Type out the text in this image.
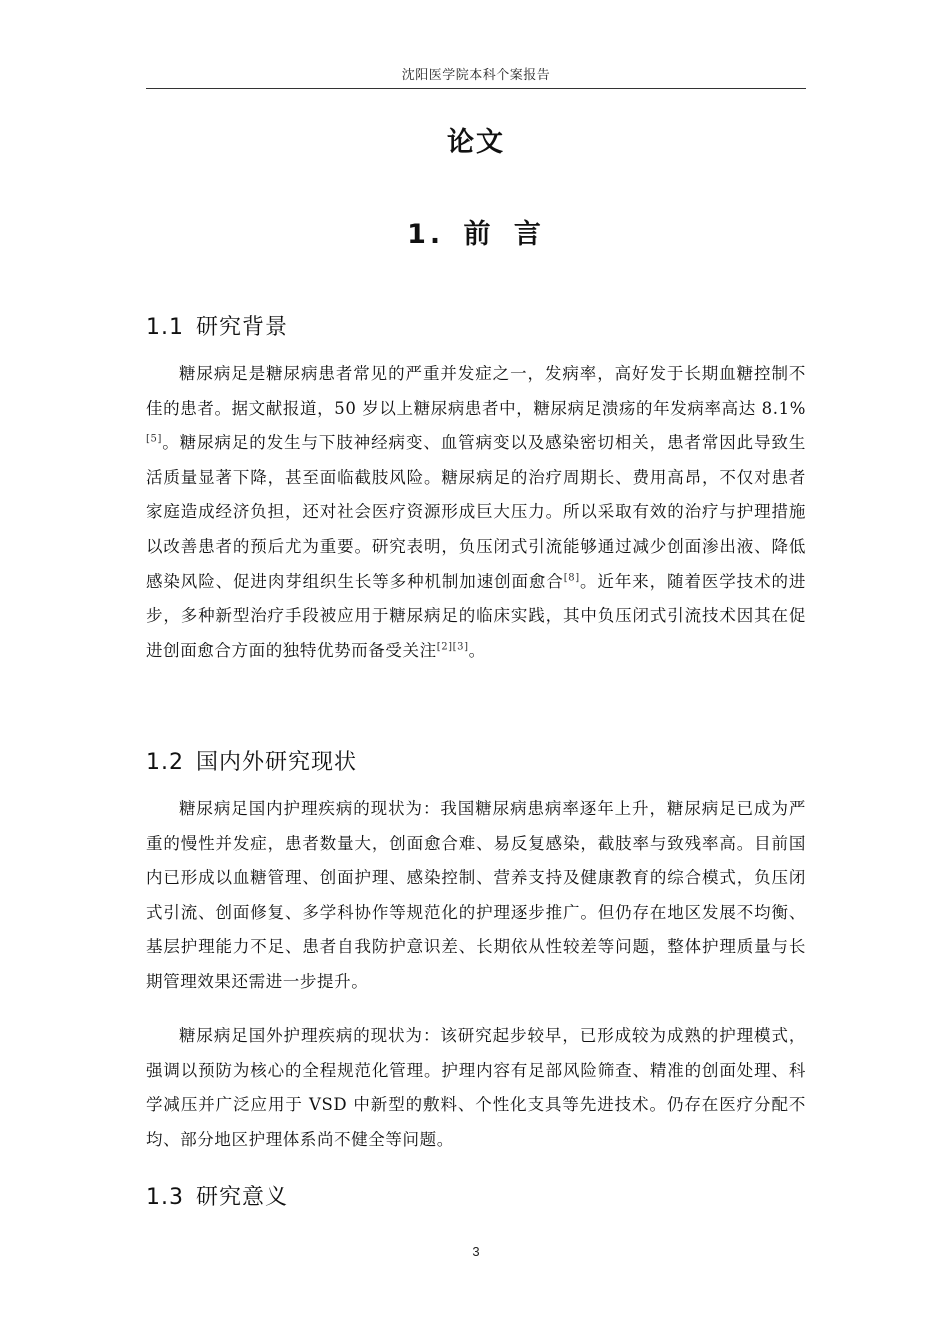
沈阳医学院本科个案报告
论文
1. 前 言
1.1 研究背景

糖尿病足是糖尿病患者常见的严重并发症之一，发病率，高好发于长期血糖控制不佳的患者。据文献报道，50 岁以上糖尿病患者中，糖尿病足溃疡的年发病率高达 8.1%[5]。糖尿病足的发生与下肢神经病变、血管病变以及感染密切相关，患者常因此导致生活质量显著下降，甚至面临截肢风险。糖尿病足的治疗周期长、费用高昂，不仅对患者家庭造成经济负担，还对社会医疗资源形成巨大压力。所以采取有效的治疗与护理措施以改善患者的预后尤为重要。研究表明，负压闭式引流能够通过减少创面渗出液、降低感染风险、促进肉芽组织生长等多种机制加速创面愈合[8]。近年来，随着医学技术的进步，多种新型治疗手段被应用于糖尿病足的临床实践，其中负压闭式引流技术因其在促进创面愈合方面的独特优势而备受关注[2][3]。

1.2 国内外研究现状

糖尿病足国内护理疾病的现状为：我国糖尿病患病率逐年上升，糖尿病足已成为严重的慢性并发症，患者数量大，创面愈合难、易反复感染，截肢率与致残率高。目前国内已形成以血糖管理、创面护理、感染控制、营养支持及健康教育的综合模式，负压闭式引流、创面修复、多学科协作等规范化的护理逐步推广。但仍存在地区发展不均衡、基层护理能力不足、患者自我防护意识差、长期依从性较差等问题，整体护理质量与长期管理效果还需进一步提升。

糖尿病足国外护理疾病的现状为：该研究起步较早，已形成较为成熟的护理模式，强调以预防为核心的全程规范化管理。护理内容有足部风险筛查、精准的创面处理、科学减压并广泛应用于 VSD 中新型的敷料、个性化支具等先进技术。仍存在医疗分配不均、部分地区护理体系尚不健全等问题。

1.3 研究意义
3
